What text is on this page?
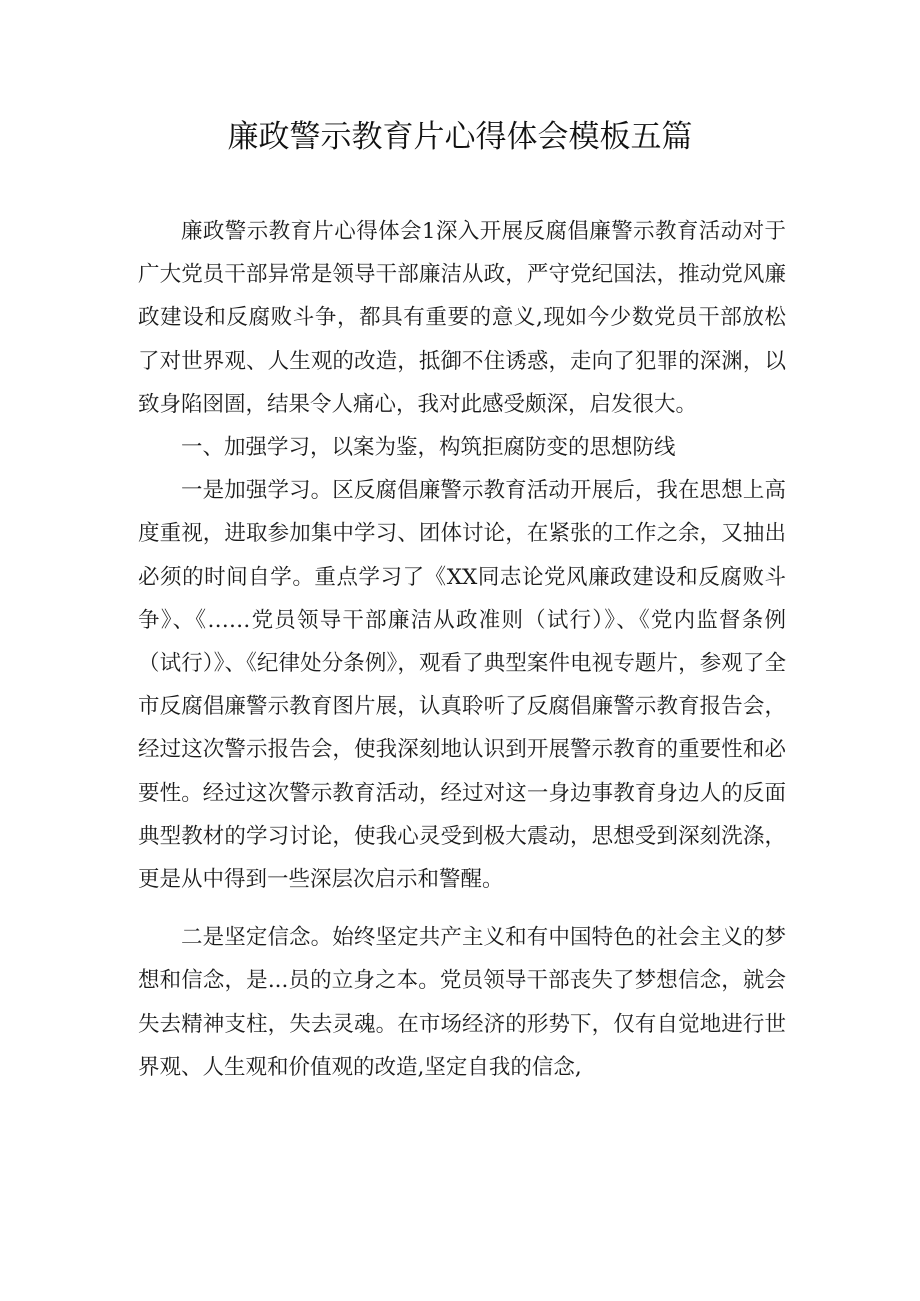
廉政警示教育片心得体会模板五篇

廉政警示教育片心得体会1深入开展反腐倡廉警示教育活动对于广大党员干部异常是领导干部廉洁从政，严守党纪国法，推动党风廉政建设和反腐败斗争，都具有重要的意义,现如今少数党员干部放松了对世界观、人生观的改造，抵御不住诱惑，走向了犯罪的深渊，以致身陷囹圄，结果令人痛心，我对此感受颇深，启发很大。

一、加强学习，以案为鉴，构筑拒腐防变的思想防线

一是加强学习。区反腐倡廉警示教育活动开展后，我在思想上高度重视，进取参加集中学习、团体讨论，在紧张的工作之余，又抽出必须的时间自学。重点学习了《XX同志论党风廉政建设和反腐败斗争》、《……党员领导干部廉洁从政准则（试行）》、《党内监督条例（试行）》、《纪律处分条例》，观看了典型案件电视专题片，参观了全市反腐倡廉警示教育图片展，认真聆听了反腐倡廉警示教育报告会，经过这次警示报告会，使我深刻地认识到开展警示教育的重要性和必要性。经过这次警示教育活动，经过对这一身边事教育身边人的反面典型教材的学习讨论，使我心灵受到极大震动，思想受到深刻洗涤，更是从中得到一些深层次启示和警醒。

二是坚定信念。始终坚定共产主义和有中国特色的社会主义的梦想和信念，是...员的立身之本。党员领导干部丧失了梦想信念，就会失去精神支柱，失去灵魂。在市场经济的形势下，仅有自觉地进行世界观、人生观和价值观的改造,坚定自我的信念,
